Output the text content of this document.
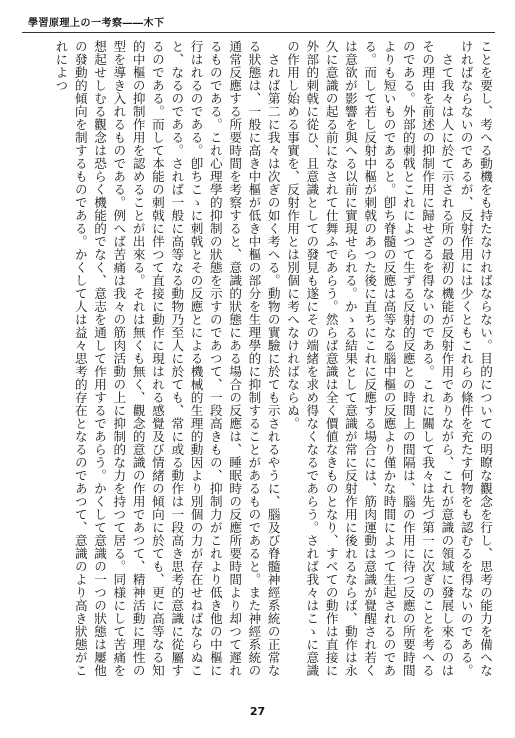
學習原理上の一考察――木下

ことを要し、考へる動機をも持たなければならない。目的についての明瞭な觀念を行し、思考の能力を備へなければならないのであるが、反射作用には少くともこれらの條件を充たす何物をも認むるを得ないのである。

さて我々は人に於て示される所の最初の機能が反射作用でありながら、これが意識の領域に發展し來るのはその理由を前述の抑制作用に歸せざるを得ないのである。これに關して我々は先づ第一に次ぎのことを考へるのである。外部的刺戟とこれによつて生ずる反射的反應との時間上の間隔は、腦の作用に待つ反應の所要時間よりも短いものであると。卽ち脊髓の反應は高等なる腦中樞の反應より僅かな時間によつて生起されるのである。而して若し反射中樞が刺戟のあつた後に直ちにこれに反應する場合には、筋肉運動は意識が覺醒され若くは意欲が影響を與へる以前に實現せられる。かゝる結果として意識が常に反射作用に後れるならば、動作は永久に意識の起る前になされて仕舞ふであらう。然らば意識は全く價値なきものとなり、すべての動作は直接に外部的刺戟に從ひ、且意識としての發見も遂にその端緒を求め得なくなるであらう。されば我々はこゝに意識の作用し始める事實を、反射作用とは別個に考へなければならぬ。

されば第二に我々は次ぎの如く考へる。動物の實驗に於ても示されるやうに、腦及び脊髓神經系統の正常なる狀態は、一般に高き中樞が低き中樞の部分を生理學的に抑制することがあるものであると。また神經系統の通常反應する所要時間を考察すると、意識的狀態にある場合の反應は、睡眠時の反應所要時間より却つて遲れるものである。これ心理學的抑制の狀態を示すのであつて、一段高きもの、抑制力がこれより低き他の中樞に行はれるのである。卽ちこゝに刺戟とその反應とによる機械的生理的動因より別個の力が存在せねばならぬこと、なるのである。されば一般に高等なる動物乃至人に於ても、常に或る動作は一段高き思考的意識に從屬するのである。而して本能の刺戟に伴つて直接に動作に現はれる感覺及び情緒の傾向に於ても、更に高等なる知的中樞の抑制作用を認めることが出來る。それは無くも無く、觀念的意識の作用であつて、精神活動に理性の型を導き入れるものである。例へば苦痛は我々の筋肉活動の上に抑制的な力を持つて居る。同様にして苦痛を想起せしむる觀念は恐らく機能的でなく、意志を通して作用するであらう。かくして意識の一つの狀態は屢他の發動的傾向を制するものである。かくして人は益々思考的存在となるのであつて、意識のより高き狀態がこれによつ

27
